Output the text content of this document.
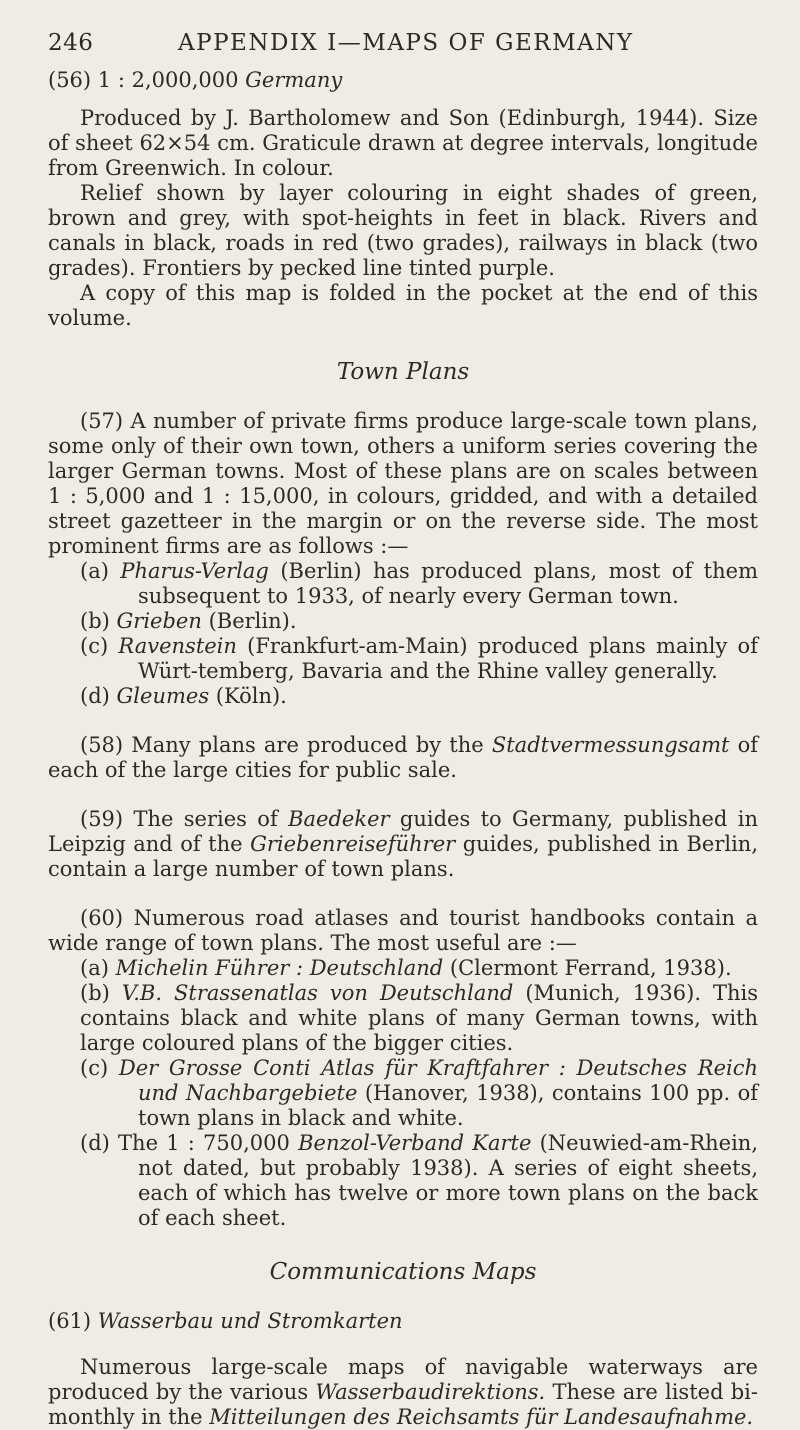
246	APPENDIX I—MAPS OF GERMANY
(56) 1 : 2,000,000 Germany

Produced by J. Bartholomew and Son (Edinburgh, 1944). Size of sheet 62×54 cm. Graticule drawn at degree intervals, longitude from Greenwich. In colour.

Relief shown by layer colouring in eight shades of green, brown and grey, with spot-heights in feet in black. Rivers and canals in black, roads in red (two grades), railways in black (two grades). Frontiers by pecked line tinted purple.

A copy of this map is folded in the pocket at the end of this volume.

Town Plans

(57) A number of private firms produce large-scale town plans, some only of their own town, others a uniform series covering the larger German towns. Most of these plans are on scales between 1 : 5,000 and 1 : 15,000, in colours, gridded, and with a detailed street gazetteer in the margin or on the reverse side. The most prominent firms are as follows :—

(a) Pharus-Verlag (Berlin) has produced plans, most of them subsequent to 1933, of nearly every German town.

(b) Grieben (Berlin).

(c) Ravenstein (Frankfurt-am-Main) produced plans mainly of Würt-temberg, Bavaria and the Rhine valley generally.

(d) Gleumes (Köln).

(58) Many plans are produced by the Stadtvermessungsamt of each of the large cities for public sale.

(59) The series of Baedeker guides to Germany, published in Leipzig and of the Griebenreiseführer guides, published in Berlin, contain a large number of town plans.

(60) Numerous road atlases and tourist handbooks contain a wide range of town plans. The most useful are :—

(a) Michelin Führer : Deutschland (Clermont Ferrand, 1938).

(b) V.B. Strassenatlas von Deutschland (Munich, 1936). This contains black and white plans of many German towns, with large coloured plans of the bigger cities.

(c) Der Grosse Conti Atlas für Kraftfahrer : Deutsches Reich und Nachbargebiete (Hanover, 1938), contains 100 pp. of town plans in black and white.

(d) The 1 : 750,000 Benzol-Verband Karte (Neuwied-am-Rhein, not dated, but probably 1938). A series of eight sheets, each of which has twelve or more town plans on the back of each sheet.

Communications Maps
(61) Wasserbau und Stromkarten

Numerous large-scale maps of navigable waterways are produced by the various Wasserbaudirektions. These are listed bi-monthly in the Mitteilungen des Reichsamts für Landesaufnahme.
